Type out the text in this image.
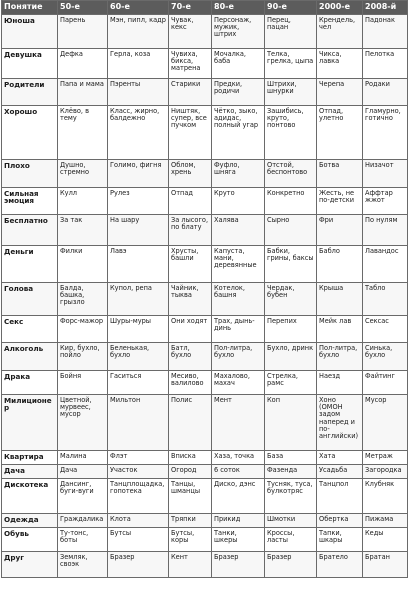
Понятие	50-е	60-е	70-е	80-е	90-е	2000-е	2008-й
Юноша	Парень	Мэн, пипл, кадр	Чувак, кекс	Персонаж, мужик, штрих	Перец, пацан	Крендель, чел	Падонак
Девушка	Дефка	Герла, коза	Чувиха, бикса, матрена	Мочалка, баба	Телка, грелка, цыпа	Чикса, лавка	Пелотка
Родители	Папа и мама	Пэренты	Старики	Предки, родичи	Штрихи, шнурки	Черепа	Родаки
Хорошо	Клёво, в тему	Класс, жирно, балдежно	Ништяк, супер, все пучком	Чётко, зыко, адидас, полный угар	Зашибись, круто, понтово	Отпад, улетно	Гламурно, готично
Плохо	Душно, стремно	Голимо, фигня	Облом, хрень	Фуфло, шняга	Отстой, беспонтово	Ботва	Низачот
Сильная эмоция	Кулл	Рулез	Отпад	Круто	Конкретно	Жесть, не по-детски	Аффтар жжот
Бесплатно	За так	На шару	За лысого, по блату	Халява	Сырно	Фри	По нулям
Деньги	Филки	Лавэ	Хрусты, башли	Капуста, мани, деревянные	Бабки, грины, баксы	Бабло	Лавандос
Голова	Балда, башка, грызло	Купол, репа	Чайник, тыква	Котелок, башня	Чердак, бубен	Крыша	Табло
Секс	Форс-мажор	Шуры-муры	Они ходят	Трах, дынь-динь	Перепих	Мейк лав	Сексас
Алкоголь	Кир, бухло, пойло	Беленькая, бухло	Батл, бухло	Пол-литра, бухло	Бухло, дринк	Пол-литра, бухло	Синька, бухло
Драка	Бойня	Гаситься	Месиво, валилово	Махалово, махач	Стрелка, рамс	Наезд	Файтинг
Милиционер	Цветной, мурвеес, мусор	Мильтон	Полис	Мент	Коп	Хоно (ОМОН задом наперед и по-английски)	Мусор
Квартира	Малина	Флэт	Вписка	Хаза, точка	База	Хата	Метраж
Дача	Дача	Участок	Огород	6 соток	Фазенда	Усадьба	Загородка
Дискотека	Дансинг, буги-вуги	Танцплощадка, гопотека	Танцы, шманцы	Диско, дэнс	Тусняк, туса, булкотряс	Танцпол	Клубняк
Одежда	Граждалика	Клота	Тряпки	Прикид	Шмотки	Обертка	Пижама
Обувь	Ту-тонс, боты	Бутсы	Бутсы, коры	Танки, шкеры	Кроссы, ласты	Тапки, шкары	Кеды
Друг	Земляк, своэк	Бразер	Кент	Бразер	Бразер	Братело	Братан
